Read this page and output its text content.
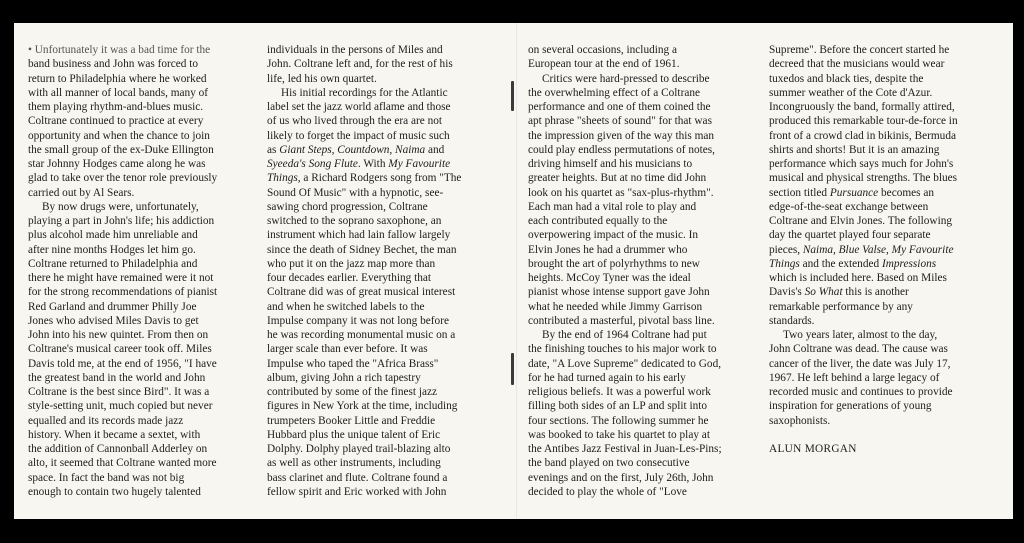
• Unfortunately it was a bad time for the
band business and John was forced to
return to Philadelphia where he worked
with all manner of local bands, many of
them playing rhythm-and-blues music.
Coltrane continued to practice at every
opportunity and when the chance to join
the small group of the ex-Duke Ellington
star Johnny Hodges came along he was
glad to take over the tenor role previously
carried out by Al Sears.
By now drugs were, unfortunately,
playing a part in John's life; his addiction
plus alcohol made him unreliable and
after nine months Hodges let him go.
Coltrane returned to Philadelphia and
there he might have remained were it not
for the strong recommendations of pianist
Red Garland and drummer Philly Joe
Jones who advised Miles Davis to get
John into his new quintet. From then on
Coltrane's musical career took off. Miles
Davis told me, at the end of 1956, "I have
the greatest band in the world and John
Coltrane is the best since Bird". It was a
style-setting unit, much copied but never
equalled and its records made jazz
history. When it became a sextet, with
the addition of Cannonball Adderley on
alto, it seemed that Coltrane wanted more
space. In fact the band was not big
enough to contain two hugely talented
individuals in the persons of Miles and
John. Coltrane left and, for the rest of his
life, led his own quartet.
His initial recordings for the Atlantic
label set the jazz world aflame and those
of us who lived through the era are not
likely to forget the impact of music such
as Giant Steps, Countdown, Naima and
Syeeda's Song Flute. With My Favourite
Things, a Richard Rodgers song from "The
Sound Of Music" with a hypnotic, see-
sawing chord progression, Coltrane
switched to the soprano saxophone, an
instrument which had lain fallow largely
since the death of Sidney Bechet, the man
who put it on the jazz map more than
four decades earlier. Everything that
Coltrane did was of great musical interest
and when he switched labels to the
Impulse company it was not long before
he was recording monumental music on a
larger scale than ever before. It was
Impulse who taped the "Africa Brass"
album, giving John a rich tapestry
contributed by some of the finest jazz
figures in New York at the time, including
trumpeters Booker Little and Freddie
Hubbard plus the unique talent of Eric
Dolphy. Dolphy played trail-blazing alto
as well as other instruments, including
bass clarinet and flute. Coltrane found a
fellow spirit and Eric worked with John
on several occasions, including a
European tour at the end of 1961.
Critics were hard-pressed to describe
the overwhelming effect of a Coltrane
performance and one of them coined the
apt phrase "sheets of sound" for that was
the impression given of the way this man
could play endless permutations of notes,
driving himself and his musicians to
greater heights. But at no time did John
look on his quartet as "sax-plus-rhythm".
Each man had a vital role to play and
each contributed equally to the
overpowering impact of the music. In
Elvin Jones he had a drummer who
brought the art of polyrhythms to new
heights. McCoy Tyner was the ideal
pianist whose intense support gave John
what he needed while Jimmy Garrison
contributed a masterful, pivotal bass line.
By the end of 1964 Coltrane had put
the finishing touches to his major work to
date, "A Love Supreme" dedicated to God,
for he had turned again to his early
religious beliefs. It was a powerful work
filling both sides of an LP and split into
four sections. The following summer he
was booked to take his quartet to play at
the Antibes Jazz Festival in Juan-Les-Pins;
the band played on two consecutive
evenings and on the first, July 26th, John
decided to play the whole of "Love
Supreme". Before the concert started he
decreed that the musicians would wear
tuxedos and black ties, despite the
summer weather of the Cote d'Azur.
Incongruously the band, formally attired,
produced this remarkable tour-de-force in
front of a crowd clad in bikinis, Bermuda
shirts and shorts! But it is an amazing
performance which says much for John's
musical and physical strengths. The blues
section titled Pursuance becomes an
edge-of-the-seat exchange between
Coltrane and Elvin Jones. The following
day the quartet played four separate
pieces, Naima, Blue Valse, My Favourite
Things and the extended Impressions
which is included here. Based on Miles
Davis's So What this is another
remarkable performance by any
standards.
Two years later, almost to the day,
John Coltrane was dead. The cause was
cancer of the liver, the date was July 17,
1967. He left behind a large legacy of
recorded music and continues to provide
inspiration for generations of young
saxophonists.
ALUN MORGAN
